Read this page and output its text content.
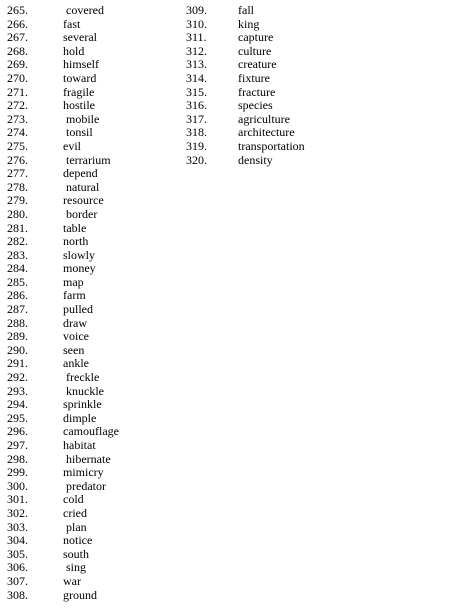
265.	covered
266.	fast
267.	several
268.	hold
269.	himself
270.	toward
271.	fragile
272.	hostile
273.	mobile
274.	tonsil
275.	evil
276.	terrarium
277.	depend
278.	natural
279.	resource
280.	border
281.	table
282.	north
283.	slowly
284.	money
285.	map
286.	farm
287.	pulled
288.	draw
289.	voice
290.	seen
291.	ankle
292.	freckle
293.	knuckle
294.	sprinkle
295.	dimple
296.	camouflage
297.	habitat
298.	hibernate
299.	mimicry
300.	predator
301.	cold
302.	cried
303.	plan
304.	notice
305.	south
306.	sing
307.	war
308.	ground
309.	fall
310.	king
311.	capture
312.	culture
313.	creature
314.	fixture
315.	fracture
316.	species
317.	agriculture
318.	architecture
319.	transportation
320.	density
